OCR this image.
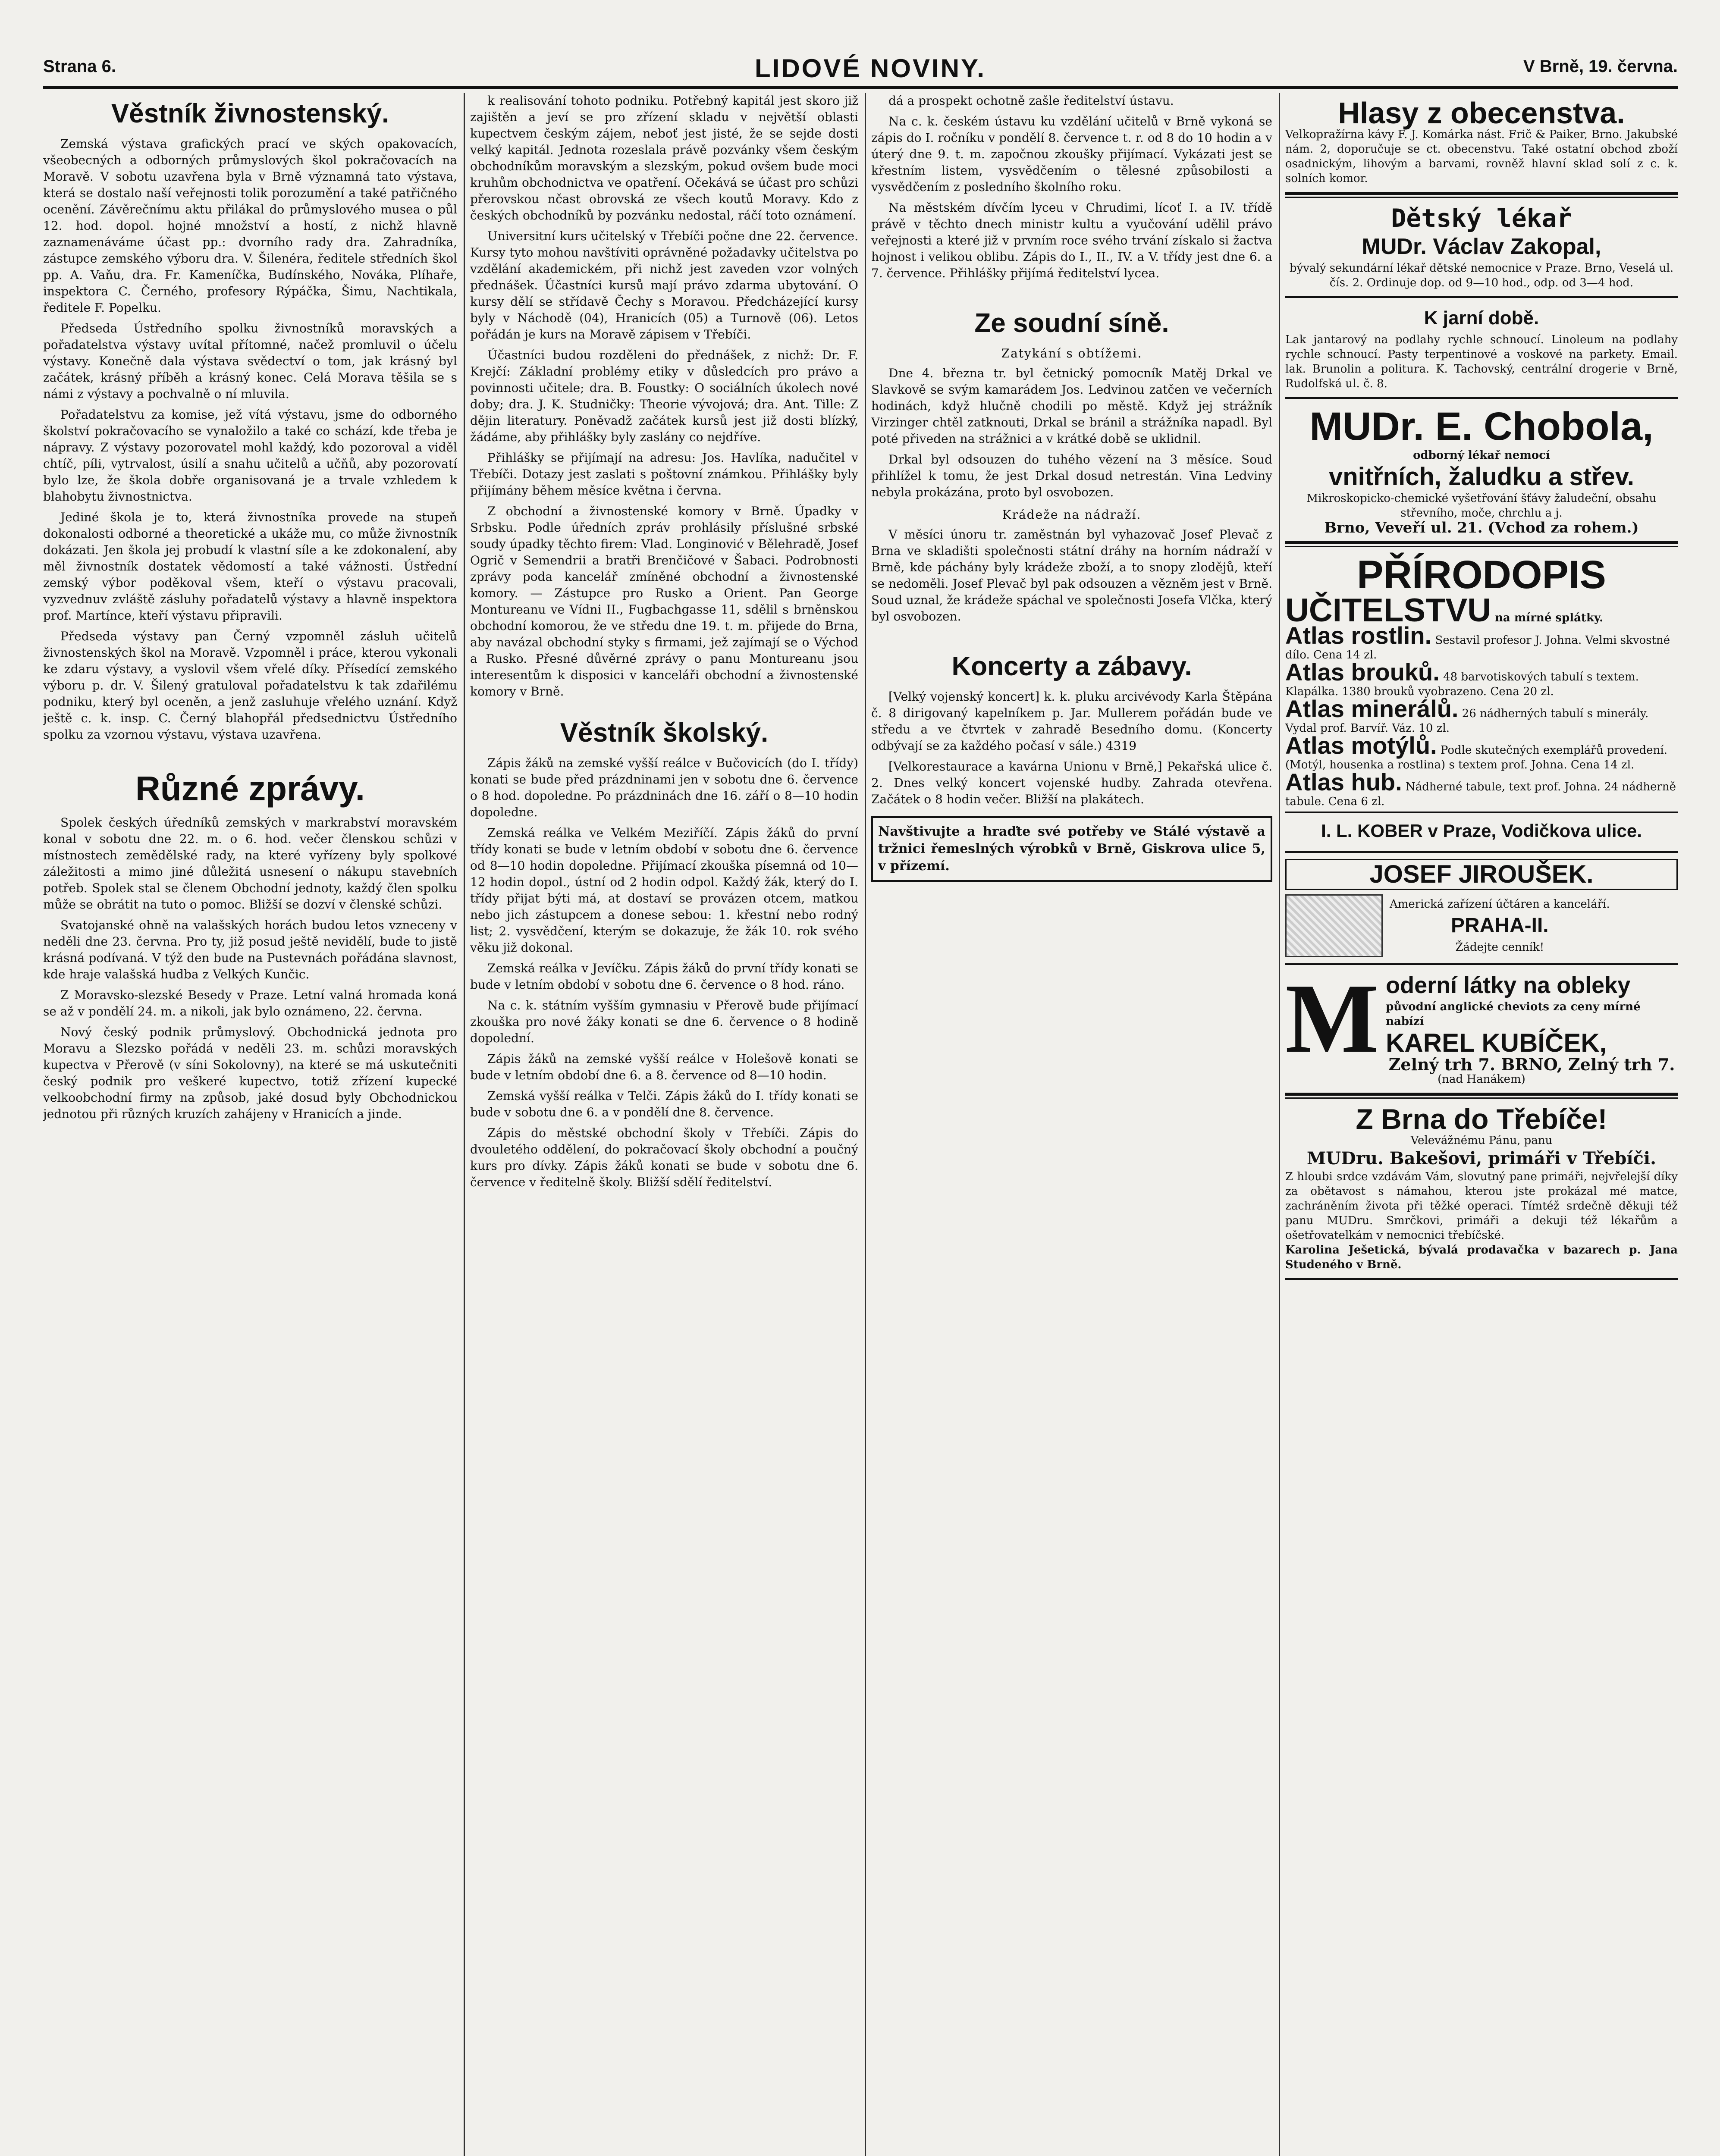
Strana 6.	LIDOVÉ NOVINY.	V Brně, 19. června.
Věstník živnostenský.

Zemská výstava grafických prací ve ských opakovacích, všeobecných a odborných průmyslových škol pokračovacích na Moravě. V sobotu uzavřena byla v Brně významná tato výstava, která se dostalo naší veřejnosti tolik porozumění a také patřičného ocenění. Závěrečnímu aktu přilákal do průmyslového musea o půl 12. hod. dopol. hojné množství a hostí, z nichž hlavně zaznamenáváme účast pp.: dvorního rady dra. Zahradníka, zástupce zemského výboru dra. V. Šilenéra, ředitele středních škol pp. A. Vaňu, dra. Fr. Kameníčka, Budínského, Nováka, Plíhaře, inspektora C. Černého, profesory Rýpáčka, Šimu, Nachtikala, ředitele F. Popelku.

Předseda Ústředního spolku živnostníků moravských a pořadatelstva výstavy uvítal přítomné, načež promluvil o účelu výstavy. Konečně dala výstava svědectví o tom, jak krásný byl začátek, krásný příběh a krásný konec. Celá Morava těšila se s námi z výstavy a pochvalně o ní mluvila.

Pořadatelstvu za komise, jež vítá výstavu, jsme do odborného školství pokračovacího se vynaložilo a také co schází, kde třeba je nápravy. Z výstavy pozorovatel mohl každý, kdo pozoroval a viděl chtíč, píli, vytrvalost, úsilí a snahu učitelů a učňů, aby pozorovatí bylo lze, že škola dobře organisovaná je a trvale vzhledem k blahobytu živnostnictva.

Jediné škola je to, která živnostníka provede na stupeň dokonalosti odborné a theoretické a ukáže mu, co může živnostník dokázati. Jen škola jej probudí k vlastní síle a ke zdokonalení, aby měl živnostník dostatek vědomostí a také vážnosti. Ústřední zemský výbor poděkoval všem, kteří o výstavu pracovali, vyzvednuv zvláště zásluhy pořadatelů výstavy a hlavně inspektora prof. Martínce, kteří výstavu připravili.

Předseda výstavy pan Černý vzpomněl zásluh učitelů živnostenských škol na Moravě. Vzpomněl i práce, kterou vykonali ke zdaru výstavy, a vyslovil všem vřelé díky. Přísedící zemského výboru p. dr. V. Šilený gratuloval pořadatelstvu k tak zdařilému podniku, který byl oceněn, a jenž zasluhuje vřelého uznání. Když ještě c. k. insp. C. Černý blahopřál předsednictvu Ústředního spolku za vzornou výstavu, výstava uzavřena.

Různé zprávy.

Spolek českých úředníků zemských v markrabství moravském konal v sobotu dne 22. m. o 6. hod. večer členskou schůzi v místnostech zemědělské rady, na které vyřízeny byly spolkové záležitosti a mimo jiné důležitá usnesení o nákupu stavebních potřeb. Spolek stal se členem Obchodní jednoty, každý člen spolku může se obrátit na tuto o pomoc. Bližší se dozví v členské schůzi.

Svatojanské ohně na valašských horách budou letos vzneceny v neděli dne 23. června. Pro ty, již posud ještě nevidělí, bude to jistě krásná podívaná. V týž den bude na Pustevnách pořádána slavnost, kde hraje valašská hudba z Velkých Kunčic.

Z Moravsko-slezské Besedy v Praze. Letní valná hromada koná se až v pondělí 24. m. a nikoli, jak bylo oznámeno, 22. června.

Nový český podnik průmyslový. Obchodnická jednota pro Moravu a Slezsko pořádá v neděli 23. m. schůzi moravských kupectva v Přerově (v síni Sokolovny), na které se má uskutečniti český podnik pro veškeré kupectvo, totiž zřízení kupecké velkoobchodní firmy na způsob, jaké dosud byly Obchodnickou jednotou při různých kruzích zahájeny v Hranicích a jinde.

k realisování tohoto podniku. Potřebný kapitál jest skoro již zajištěn a jeví se pro zřízení skladu v největší oblasti kupectvem českým zájem, neboť jest jisté, že se sejde dosti velký kapitál. Jednota rozeslala právě pozvánky všem českým obchodníkům moravským a slezským, pokud ovšem bude moci kruhům obchodnictva ve opatření. Očekává se účast pro schůzi přerovskou nčast obrovská ze všech koutů Moravy. Kdo z českých obchodníků by pozvánku nedostal, ráčí toto oznámení.

Universitní kurs učitelský v Třebíči počne dne 22. července. Kursy tyto mohou navštíviti oprávněné požadavky učitelstva po vzdělání akademickém, při nichž jest zaveden vzor volných přednášek. Účastníci kursů mají právo zdarma ubytování. O kursy dělí se střídavě Čechy s Moravou. Předcházející kursy byly v Náchodě (04), Hranicích (05) a Turnově (06). Letos pořádán je kurs na Moravě zápisem v Třebíči.

Účastníci budou rozděleni do přednášek, z nichž: Dr. F. Krejčí: Základní problémy etiky v důsledcích pro právo a povinnosti učitele; dra. B. Foustky: O sociálních úkolech nové doby; dra. J. K. Studničky: Theorie vývojová; dra. Ant. Tille: Z dějin literatury. Poněvadž začátek kursů jest již dosti blízký, žádáme, aby přihlášky byly zaslány co nejdříve.

Přihlášky se přijímají na adresu: Jos. Havlíka, nadučitel v Třebíči. Dotazy jest zaslati s poštovní známkou. Přihlášky byly přijímány během měsíce května i června.

Z obchodní a živnostenské komory v Brně. Úpadky v Srbsku. Podle úředních zpráv prohlásily příslušné srbské soudy úpadky těchto firem: Vlad. Longinović v Bělehradě, Josef Ogrič v Semendrii a bratři Brenčičové v Šabaci. Podrobnosti zprávy poda kancelář zmíněné obchodní a živnostenské komory. — Zástupce pro Rusko a Orient. Pan George Montureanu ve Vídni II., Fugbachgasse 11, sdělil s brněnskou obchodní komorou, že ve středu dne 19. t. m. přijede do Brna, aby navázal obchodní styky s firmami, jež zajímají se o Východ a Rusko. Přesné důvěrné zprávy o panu Montureanu jsou interesentům k disposici v kanceláři obchodní a živnostenské komory v Brně.

Věstník školský.

Zápis žáků na zemské vyšší reálce v Bučovicích (do I. třídy) konati se bude před prázdninami jen v sobotu dne 6. července o 8 hod. dopoledne. Po prázdninách dne 16. září o 8—10 hodin dopoledne.

Zemská reálka ve Velkém Meziříčí. Zápis žáků do první třídy konati se bude v letním období v sobotu dne 6. července od 8—10 hodin dopoledne. Přijímací zkouška písemná od 10—12 hodin dopol., ústní od 2 hodin odpol. Každý žák, který do I. třídy přijat býti má, at dostaví se provázen otcem, matkou nebo jich zástupcem a donese sebou: 1. křestní nebo rodný list; 2. vysvědčení, kterým se dokazuje, že žák 10. rok svého věku již dokonal.

Zemská reálka v Jevíčku. Zápis žáků do první třídy konati se bude v letním období v sobotu dne 6. července o 8 hod. ráno.

Na c. k. státním vyšším gymnasiu v Přerově bude přijímací zkouška pro nové žáky konati se dne 6. července o 8 hodině dopolední.

Zápis žáků na zemské vyšší reálce v Holešově konati se bude v letním období dne 6. a 8. července od 8—10 hodin.

Zemská vyšší reálka v Telči. Zápis žáků do I. třídy konati se bude v sobotu dne 6. a v pondělí dne 8. července.

Zápis do městské obchodní školy v Třebíči. Zápis do dvouletého oddělení, do pokračovací školy obchodní a poučný kurs pro dívky. Zápis žáků konati se bude v sobotu dne 6. července v ředitelně školy. Bližší sdělí ředitelství.

dá a prospekt ochotně zašle ředitelství ústavu.

Na c. k. českém ústavu ku vzdělání učitelů v Brně vykoná se zápis do I. ročníku v pondělí 8. července t. r. od 8 do 10 hodin a v úterý dne 9. t. m. započnou zkoušky přijímací. Vykázati jest se křestním listem, vysvědčením o tělesné způsobilosti a vysvědčením z posledního školního roku.

Na městském dívčím lyceu v Chrudimi, lícoť I. a IV. třídě právě v těchto dnech ministr kultu a vyučování udělil právo veřejnosti a které již v prvním roce svého trvání získalo si žactva hojnost i velikou oblibu. Zápis do I., II., IV. a V. třídy jest dne 6. a 7. července. Přihlášky přijímá ředitelství lycea.

Ze soudní síně.

Zatykání s obtížemi.

Dne 4. března tr. byl četnický pomocník Matěj Drkal ve Slavkově se svým kamarádem Jos. Ledvinou zatčen ve večerních hodinách, když hlučně chodili po městě. Když jej strážník Virzinger chtěl zatknouti, Drkal se bránil a strážníka napadl. Byl poté přiveden na strážnici a v krátké době se uklidnil.

Drkal byl odsouzen do tuhého vězení na 3 měsíce. Soud přihlížel k tomu, že jest Drkal dosud netrestán. Vina Ledviny nebyla prokázána, proto byl osvobozen.

Krádeže na nádraží.

V měsíci únoru tr. zaměstnán byl vyhazovač Josef Plevač z Brna ve skladišti společnosti státní dráhy na horním nádraží v Brně, kde páchány byly krádeže zboží, a to snopy zlodějů, kteří se nedoměli. Josef Plevač byl pak odsouzen a vězněm jest v Brně. Soud uznal, že krádeže spáchal ve společnosti Josefa Vlčka, který byl osvobozen.

Koncerty a zábavy.

[Velký vojenský koncert] k. k. pluku arcivévody Karla Štěpána č. 8 dirigovaný kapelníkem p. Jar. Mullerem pořádán bude ve středu a ve čtvrtek v zahradě Besedního domu. (Koncerty odbývají se za každého počasí v sále.) 4319

[Velkorestaurace a kavárna Unionu v Brně,] Pekařská ulice č. 2. Dnes velký koncert vojenské hudby. Zahrada otevřena. Začátek o 8 hodin večer. Bližší na plakátech.

Navštivujte a hraďte své potřeby ve Stálé výstavě a tržnici řemeslných výrobků v Brně, Giskrova ulice 5, v přízemí.
Hlasy z obecenstva.
Velkopražírna kávy F. J. Komárka nást. Frič & Paiker, Brno. Jakubské nám. 2, doporučuje se ct. obecenstvu. Také ostatní obchod zboží osadnickým, lihovým a barvami, rovněž hlavní sklad solí z c. k. solních komor.
Dětský lékař
MUDr. Václav Zakopal,
bývalý sekundární lékař dětské nemocnice v Praze. Brno, Veselá ul. čís. 2. Ordinuje dop. od 9—10 hod., odp. od 3—4 hod.
K jarní době.
Lak jantarový na podlahy rychle schnoucí. Linoleum na podlahy rychle schnoucí. Pasty terpentinové a voskové na parkety. Email. lak. Brunolin a politura. K. Tachovský, centrální drogerie v Brně, Rudolfská ul. č. 8.
MUDr. E. Chobola,
odborný lékař nemocí
vnitřních, žaludku a střev.
Mikroskopicko-chemické vyšetřování šťávy žaludeční, obsahu střevního, moče, chrchlu a j.
Brno, Veveří ul. 21. (Vchod za rohem.)
PŘÍRODOPIS
UČITELSTVU na mírné splátky.
Atlas rostlin. Sestavil profesor J. Johna. Velmi skvostné dílo. Cena 14 zl.
Atlas brouků. 48 barvotiskových tabulí s textem. Klapálka. 1380 brouků vyobrazeno. Cena 20 zl.
Atlas minerálů. 26 nádherných tabulí s minerály. Vydal prof. Barvíř. Váz. 10 zl.
Atlas motýlů. Podle skutečných exemplářů provedení. (Motýl, housenka a rostlina) s textem prof. Johna. Cena 14 zl.
Atlas hub. Nádherné tabule, text prof. Johna. 24 nádherně tabule. Cena 6 zl.
I. L. KOBER v Praze, Vodičkova ulice.
JOSEF JIROUŠEK.
Americká zařízení účtáren a kanceláří.
PRAHA-II.
Žádejte cenník!
M oderní látky na obleky
původní anglické cheviots za ceny mírné nabízí
KAREL KUBÍČEK,
Zelný trh 7. BRNO, Zelný trh 7.
(nad Hanákem)
Z Brna do Třebíče!
Velevážnému Pánu, panu
MUDru. Bakešovi, primáři v Třebíči.
Z hloubi srdce vzdávám Vám, slovutný pane primáři, nejvřelejší díky za obětavost s námahou, kterou jste prokázal mé matce, zachráněním života při těžké operaci. Tímtéž srdečně děkuji též panu MUDru. Smrčkovi, primáři a dekuji též lékařům a ošetřovatelkám v nemocnici třebíčské.
Karolina Ješetická, bývalá prodavačka v bazarech p. Jana Studeného v Brně.
